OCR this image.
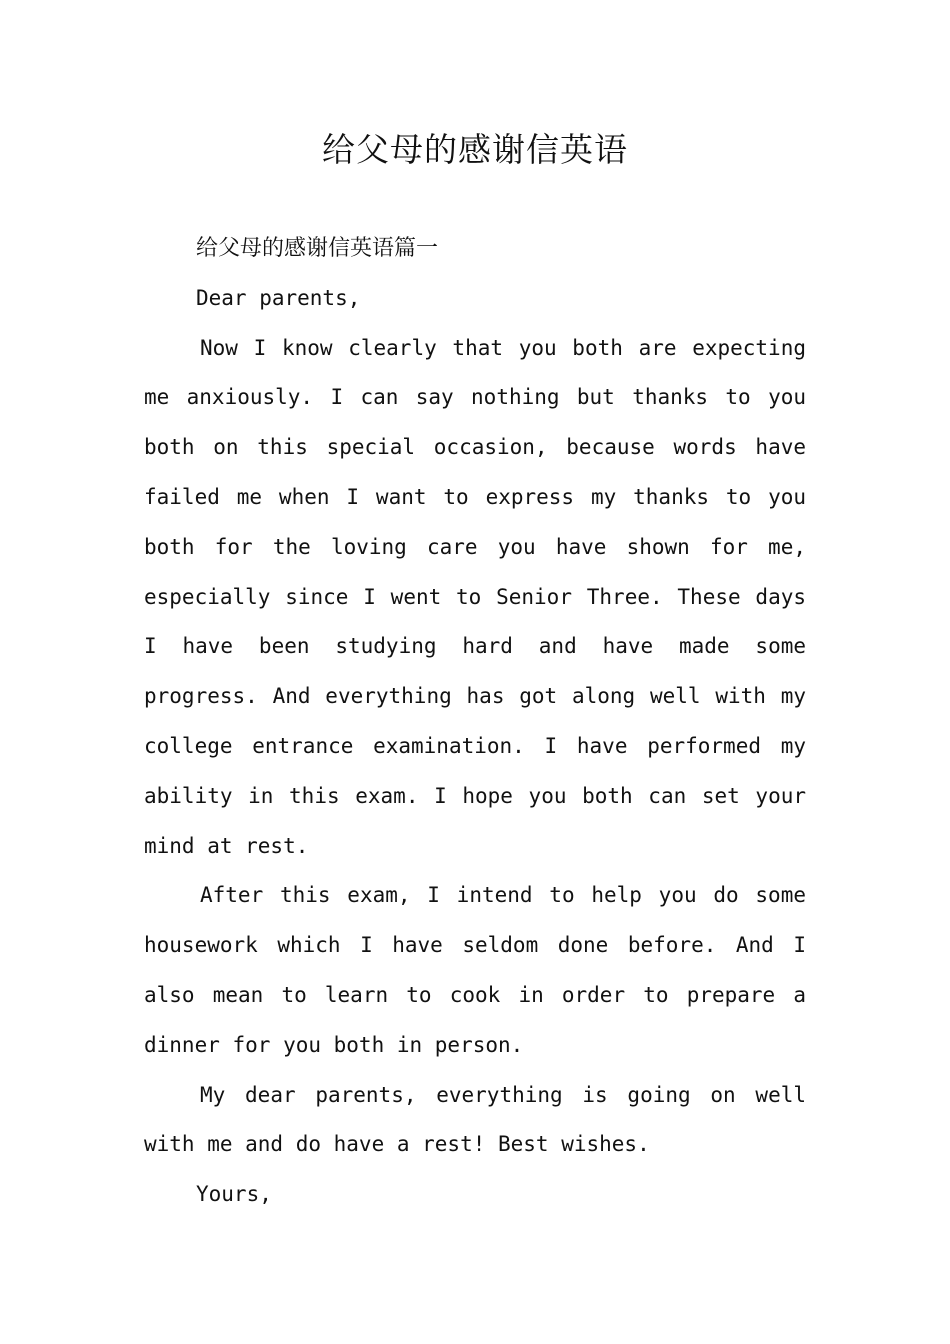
给父母的感谢信英语

给父母的感谢信英语篇一

Dear parents,

Now I know clearly that you both are expecting me anxiously. I can say nothing but thanks to you both on this special occasion, because words have failed me when I want to express my thanks to you both for the loving care you have shown for me, especially since I went to Senior Three. These days I have been studying hard and have made some progress. And everything has got along well with my college entrance examination. I have performed my ability in this exam. I hope you both can set your mind at rest.

After this exam, I intend to help you do some housework which I have seldom done before. And I also mean to learn to cook in order to prepare a dinner for you both in person.

My dear parents, everything is going on well with me and do have a rest! Best wishes.

Yours,
